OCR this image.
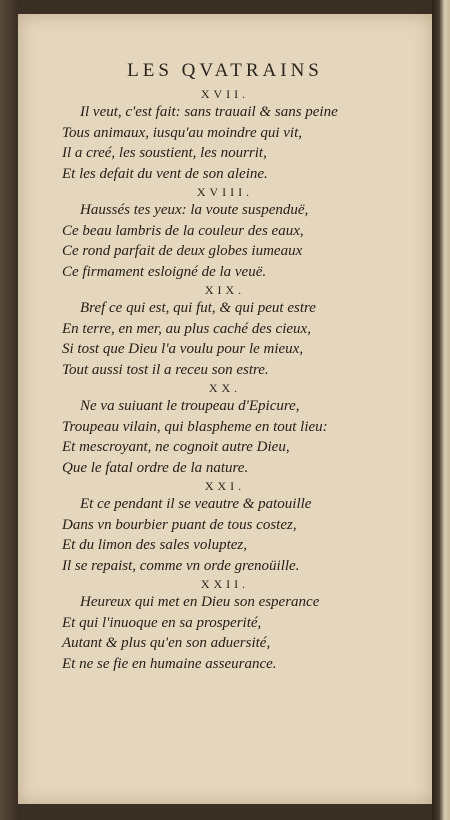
LES QVATRAINS
XVII.
Il veut, c'est fait: sans trauail & sans peine
Tous animaux, iusqu'au moindre qui vit,
Il a creé, les soustient, les nourrit,
Et les defait du vent de son aleine.
XVIII.
Haussés tes yeux: la voute suspenduë,
Ce beau lambris de la couleur des eaux,
Ce rond parfait de deux globes iumeaux
Ce firmament esloigné de la veuë.
XIX.
Bref ce qui est, qui fut, & qui peut estre
En terre, en mer, au plus caché des cieux,
Si tost que Dieu l'a voulu pour le mieux,
Tout aussi tost il a receu son estre.
XX.
Ne va suiuant le troupeau d'Epicure,
Troupeau vilain, qui blaspheme en tout lieu:
Et mescroyant, ne cognoit autre Dieu,
Que le fatal ordre de la nature.
XXI.
Et ce pendant il se veautre & patouille
Dans vn bourbier puant de tous costez,
Et du limon des sales voluptez,
Il se repaist, comme vn orde grenoüille.
XXII.
Heureux qui met en Dieu son esperance
Et qui l'inuoque en sa prosperité,
Autant & plus qu'en son aduersité,
Et ne se fie en humaine asseurance.
